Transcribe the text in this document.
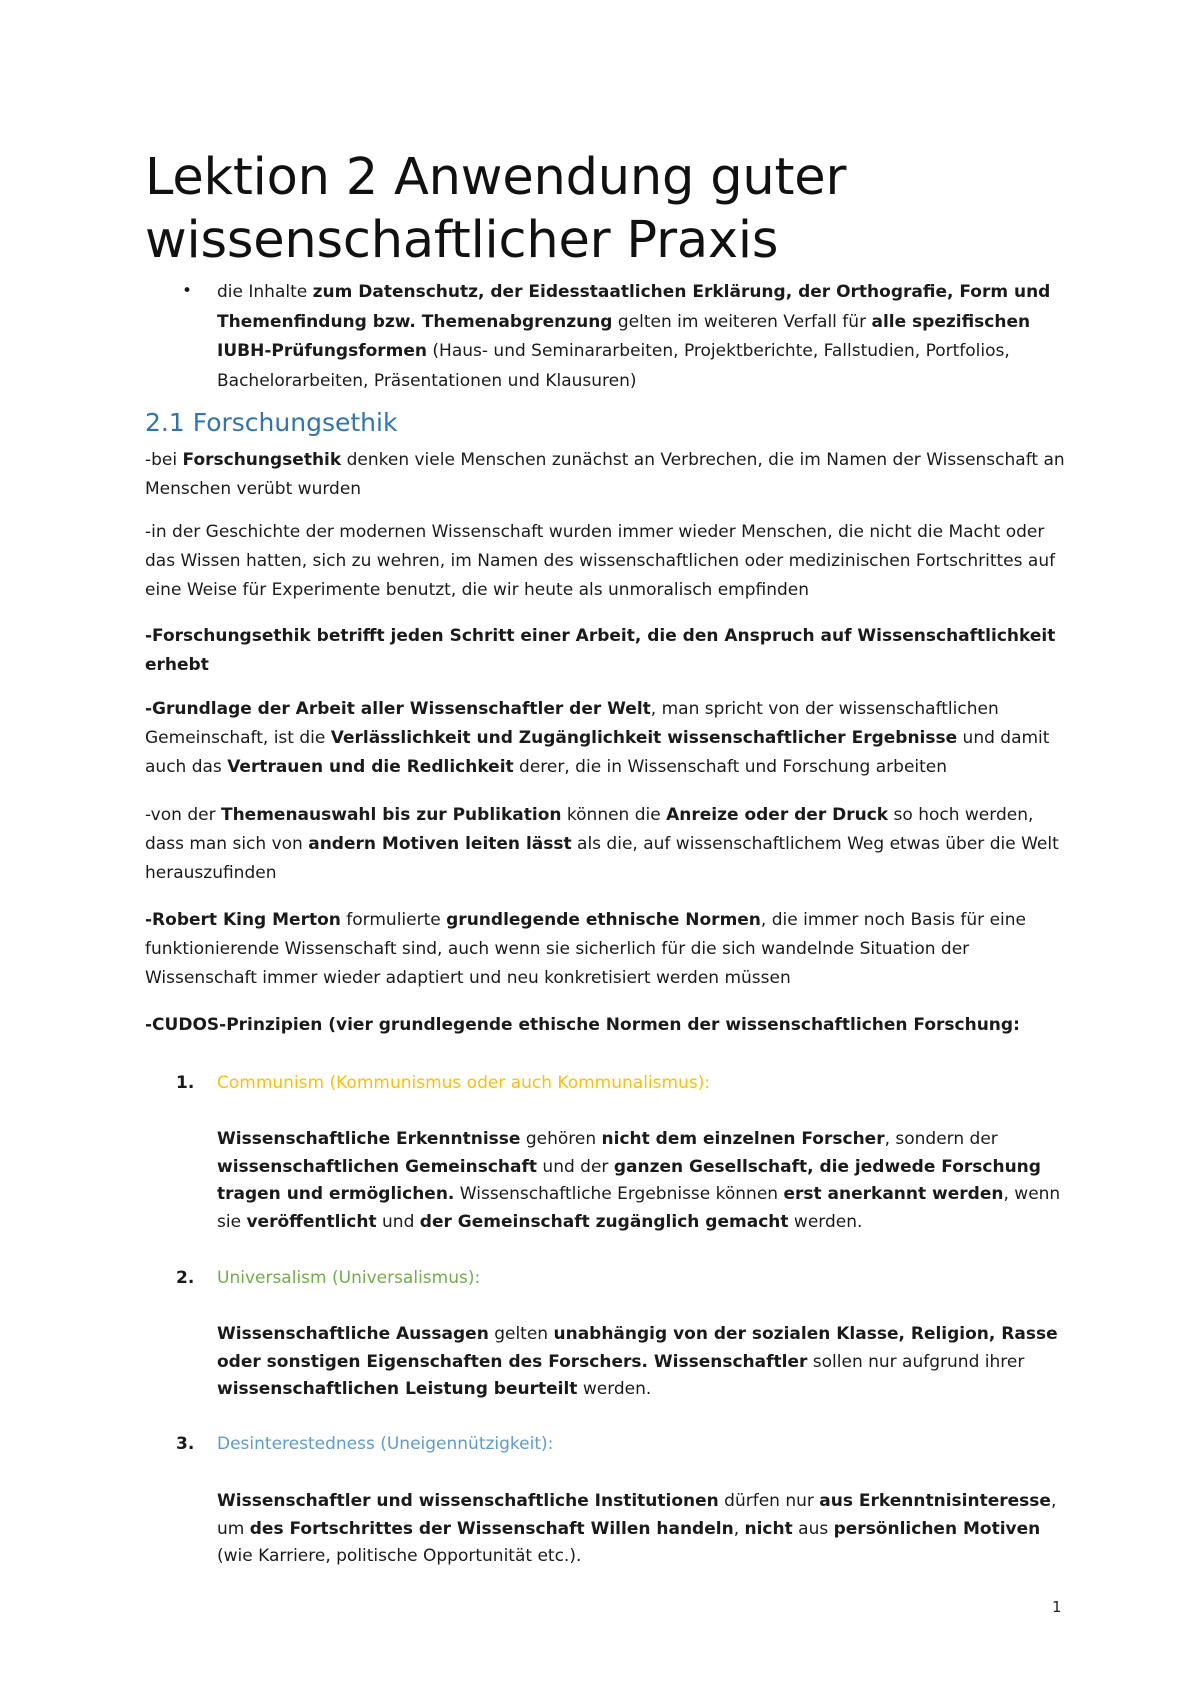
Lektion 2 Anwendung guter wissenschaftlicher Praxis
• die Inhalte zum Datenschutz, der Eidesstaatlichen Erklärung, der Orthografie, Form und Themenfindung bzw. Themenabgrenzung gelten im weiteren Verfall für alle spezifischen IUBH-Prüfungsformen (Haus- und Seminararbeiten, Projektberichte, Fallstudien, Portfolios, Bachelorarbeiten, Präsentationen und Klausuren)
2.1 Forschungsethik

-bei Forschungsethik denken viele Menschen zunächst an Verbrechen, die im Namen der Wissenschaft an Menschen verübt wurden

-in der Geschichte der modernen Wissenschaft wurden immer wieder Menschen, die nicht die Macht oder das Wissen hatten, sich zu wehren, im Namen des wissenschaftlichen oder medizinischen Fortschrittes auf eine Weise für Experimente benutzt, die wir heute als unmoralisch empfinden

-Forschungsethik betrifft jeden Schritt einer Arbeit, die den Anspruch auf Wissenschaftlichkeit erhebt

-Grundlage der Arbeit aller Wissenschaftler der Welt, man spricht von der wissenschaftlichen Gemeinschaft, ist die Verlässlichkeit und Zugänglichkeit wissenschaftlicher Ergebnisse und damit auch das Vertrauen und die Redlichkeit derer, die in Wissenschaft und Forschung arbeiten

-von der Themenauswahl bis zur Publikation können die Anreize oder der Druck so hoch werden, dass man sich von andern Motiven leiten lässt als die, auf wissenschaftlichem Weg etwas über die Welt herauszufinden

-Robert King Merton formulierte grundlegende ethnische Normen, die immer noch Basis für eine funktionierende Wissenschaft sind, auch wenn sie sicherlich für die sich wandelnde Situation der Wissenschaft immer wieder adaptiert und neu konkretisiert werden müssen

-CUDOS-Prinzipien (vier grundlegende ethische Normen der wissenschaftlichen Forschung:

1. Communism (Kommunismus oder auch Kommunalismus):
Wissenschaftliche Erkenntnisse gehören nicht dem einzelnen Forscher, sondern der wissenschaftlichen Gemeinschaft und der ganzen Gesellschaft, die jedwede Forschung tragen und ermöglichen. Wissenschaftliche Ergebnisse können erst anerkannt werden, wenn sie veröffentlicht und der Gemeinschaft zugänglich gemacht werden.
2. Universalism (Universalismus):
Wissenschaftliche Aussagen gelten unabhängig von der sozialen Klasse, Religion, Rasse oder sonstigen Eigenschaften des Forschers. Wissenschaftler sollen nur aufgrund ihrer wissenschaftlichen Leistung beurteilt werden.
3. Desinterestedness (Uneigennützigkeit):
Wissenschaftler und wissenschaftliche Institutionen dürfen nur aus Erkenntnisinteresse, um des Fortschrittes der Wissenschaft Willen handeln, nicht aus persönlichen Motiven (wie Karriere, politische Opportunität etc.).
1
